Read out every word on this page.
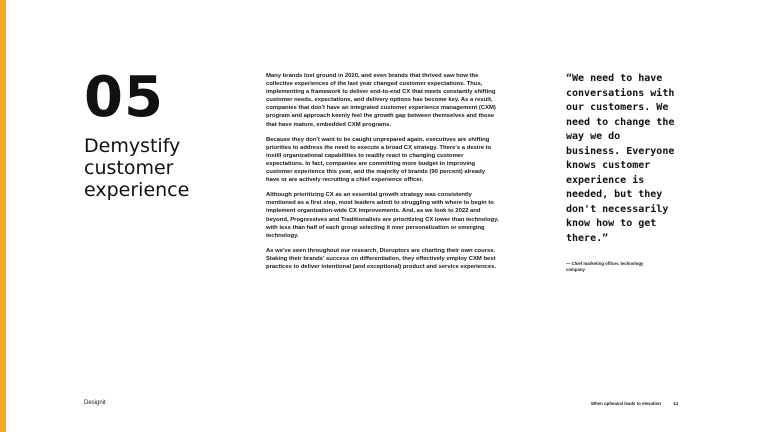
05
Demystify customer experience

Many brands lost ground in 2020, and even brands that thrived saw how the collective experiences of the last year changed customer expectations. Thus, implementing a framework to deliver end-to-end CX that meets constantly shifting customer needs, expectations, and delivery options has become key. As a result, companies that don't have an integrated customer experience management (CXM) program and approach keenly feel the growth gap between themselves and those that have mature, embedded CXM programs.

Because they don't want to be caught unprepared again, executives are shifting priorities to address the need to execute a broad CX strategy. There's a desire to instill organizational capabilities to readily react to changing customer expectations. In fact, companies are committing more budget to improving customer experience this year, and the majority of brands (90 percent) already have or are actively recruiting a chief experience officer.

Although prioritizing CX as an essential growth strategy was consistently mentioned as a first step, most leaders admit to struggling with where to begin to implement organization-wide CX improvements. And, as we look to 2022 and beyond, Progressives and Traditionalists are prioritizing CX lower than technology, with less than half of each group selecting it over personalization or emerging technology.

As we've seen throughout our research, Disruptors are charting their own course. Staking their brands' success on differentiation, they effectively employ CXM best practices to deliver intentional (and exceptional) product and service experiences.

“We need to have conversations with our customers. We need to change the way we do business. Everyone knows customer experience is needed, but they don't necessarily know how to get there.”

— Chief marketing officer, technology company

Designit	When upheaval leads to elevation	14
